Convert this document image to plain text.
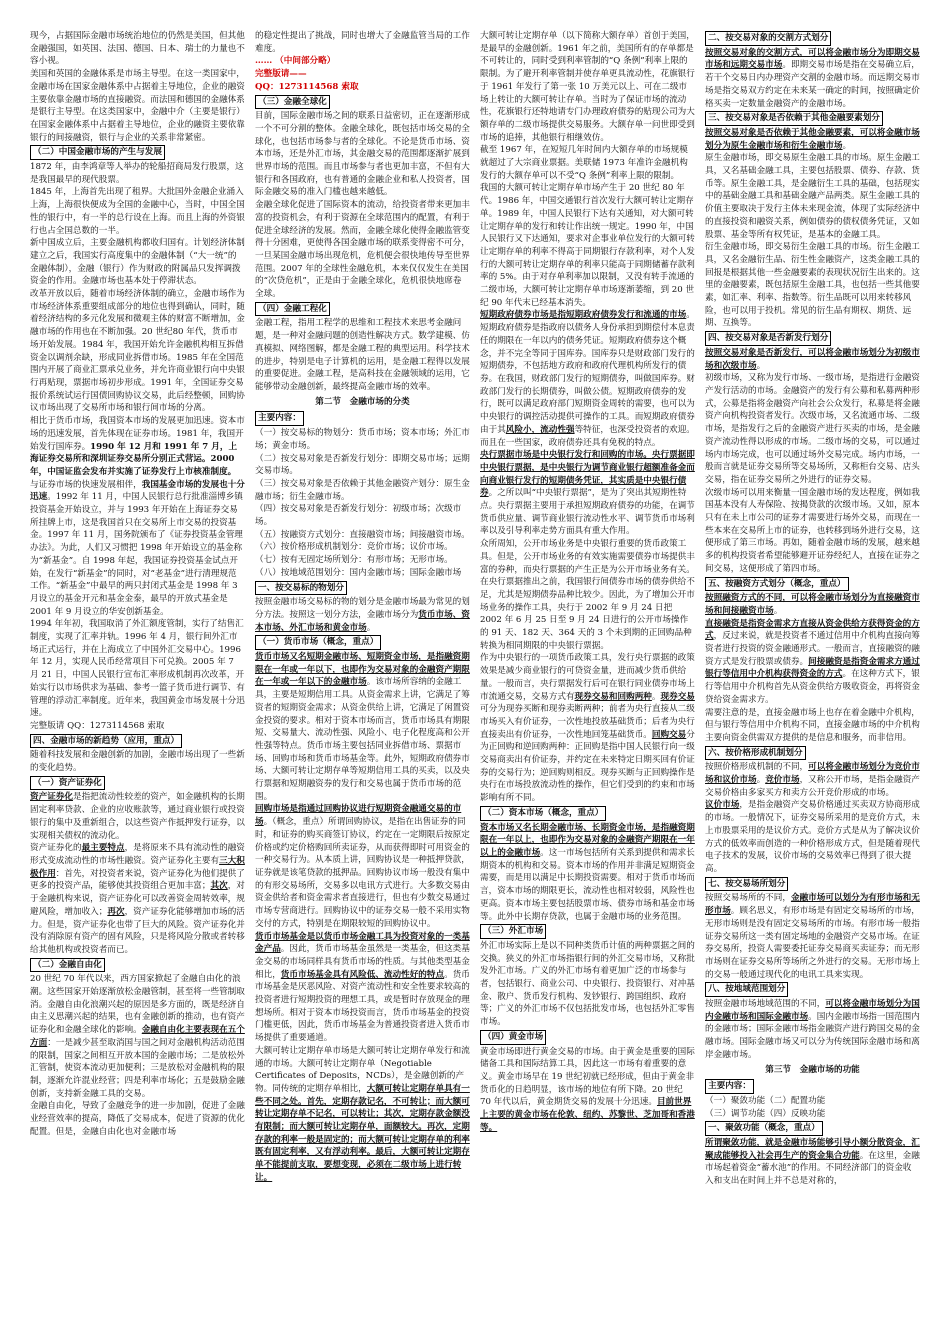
现今，占据国际金融市场统治地位的仍然是美国，但其他金融强国，如英国、法国、德国、日本、瑞士的力量也不容小视。

美国和英国的金融体系是市场主导型。在这一类国家中，金融市场在国家金融体系中占据着主导地位，企业的融资主要依靠金融市场的直接融资。而法国和德国的金融体系是银行主导型。在这类国家中，金融中介（主要是银行）在国家金融体系中占据着主导地位，企业的融资主要依靠银行的间接融资，银行与企业的关系非常紧密。

（二）中国金融市场的产生与发展

1872 年，由李鸿章等人举办的轮船招商局发行股票，这是我国最早的现代股票。

1845 年，上海首先出现了租界。大批国外金融企业涌入上海，上海很快便成为全国的金融中心，当时，中国全国性的银行中，有一半的总行设在上海。而且上海的外资银行也占全国总数的一半。

新中国成立后，主要金融机构都收归国有。计划经济体制建立之后，我国实行高度集中的金融体制（“大一统”的金融体制），金融（银行）作为财政的附属品只发挥调拨资金的作用。金融市场也基本处于停滞状态。

改革开放以后，随着市场经济体制的确立，金融市场作为市场经济体系重要组成部分的地位也得到确认，同时，随着经济结构的多元化发展和微观主体的财富不断增加，金融市场的作用也在不断加强。20 世纪80 年代，货币市场开始发展。1984 年，我国开始允许金融机构相互拆借资金以调剂余缺，形成同业拆借市场。1985 年在全国范围内开展了商业汇票承兑业务，并允许商业银行向中央银行再贴现，票据市场初步形成。1991 年，全国证券交易报价系统试运行国债回购协议交易，此后经整顿，回购协议市场出现了交易所市场和银行间市场的分离。

相比于货币市场，我国资本市场的发展更加迅速。资本市场的迅速发展，首先体现在证券市场。1981 年，我国开始发行国库券。1990 年 12 月和 1991 年 7 月，上海证券交易所和深圳证券交易所分别正式营运。2000 年，中国证监会发布并实施了证券发行上市核准制度。

与证券市场的快速发展相伴，我国基金市场的发展也十分迅速。1992 年 11 月，中国人民银行总行批准淄博乡镇投资基金开始设立，并与 1993 年开始在上海证券交易所挂牌上市，这是我国首只在交易所上市交易的投资基金。1997 年 11 月，国务院颁布了《证券投资基金管理办法》。为此，人们又习惯把 1998 年开始设立的基金称为“新基金”。自 1998 年起，我国证券投资基金试点开始，在发行“新基金”的同时，对“老基金”进行清理规范工作。“新基金”中最早的两只封闭式基金是 1998 年 3 月设立的基金开元和基金金泰，最早的开放式基金是 2001 年 9 月设立的华安创新基金。

1994 年年初，我国取消了外汇额度管制，实行了结售汇制度，实现了汇率并轨。1996 年 4 月，银行间外汇市场正式运行，并在上海成立了中国外汇交易中心。1996 年 12 月，实现人民币经常项目下可兑换。2005 年 7 月 21 日，中国人民银行宣布汇率形成机制再次改革，开始实行以市场供求为基础、参考一篮子货币进行调节、有管理的浮动汇率制度。近年来，我国黄金市场发展十分迅速。

完整版请 QQ：1273114568 索取

四、金融市场的新趋势（应用，重点）

随着科技发展和金融创新的加剧，金融市场出现了一些新的变化趋势。

（一）资产证券化

资产证券化是指把流动性较差的资产，如金融机构的长期固定利率贷款、企业的应收账款等，通过商业银行或投资银行的集中及重新组合，以这些资产作抵押发行证券，以实现相关债权的流动化。

资产证券化的最主要特点，是将原来不具有流动性的融资形式变成流动性的市场性融资。资产证券化主要有三大积极作用：首先，对投资者来说，资产证券化为他们提供了更多的投资产品，能够使其投资组合更加丰富；其次，对于金融机构来说，资产证券化可以改善资金周转效率，规避风险，增加收入；再次，资产证券化能够增加市场的活力。但是，资产证券化也带了巨大的风险。资产证券化并没有消除原有资产的固有风险，只是将风险分散或者转移给其他机构或投资者而已。

（二）金融自由化

20 世纪 70 年代以来，西方国家掀起了金融自由化的浪潮。这些国家开始逐渐放松金融管制，甚至将一些管制取消。金融自由化浪潮兴起的原因是多方面的，既是经济自由主义思潮兴起的结果，也有金融创新的推动，也有资产证券化和金融全球化的影响。金融自由化主要表现在五个方面：一是减少甚至取消国与国之间对金融机构活动范围的限制，国家之间相互开放本国的金融市场；二是放松外汇管制，使资本流动更加便利；三是放松对金融机构的限制，逐渐允许混业经营；四是利率市场化；五是鼓励金融创新，支持新金融工具的交易。

金融自由化，导致了金融竞争的进一步加剧，促进了金融业经营效率的提高，降低了交易成本，促进了资源的优化配置。但是，金融自由化也对金融市场

的稳定性提出了挑战，同时也增大了金融监管当局的工作难度。

…… （中间部分略）

完整版请——

QQ：1273114568 索取

（三）金融全球化

目前，国际金融市场之间的联系日益密切，正在逐渐形成一个不可分割的整体。金融全球化，既包括市场交易的全球化，也包括市场参与者的全球化。不论是货币市场、资本市场，还是外汇市场，其金融交易的范围都逐渐扩展到世界市场的范围。而且市场参与者也更加丰富，不但有大银行和各国政府，也有普通的金融企业和私人投资者，国际金融交易的准入门槛也越来越低。

金融全球化促进了国际资本的流动，给投资者带来更加丰富的投资机会，有利于资源在全球范围内的配置，有利于促进全球经济的发展。然而，金融全球化使得金融监管变得十分困难，更使得各国金融市场的联系变得密不可分，一旦某国金融市场出现危机，危机便会很快地传导至世界范围。2007 年的全球性金融危机，本来仅仅发生在美国的“次贷危机”，正是由于金融全球化，危机很快地席卷全球。

（四）金融工程化

金融工程，指用工程学的思维和工程技术来思考金融问题，是一种对金融问题的创造性解决方式。数学建模、仿真模拟、网络图解，都是金融工程的典型运用。科学技术的进步，特别是电子计算机的运用，是金融工程得以发展的重要促进。金融工程，是高科技在金融领域的运用，它能够带动金融创新，最终提高金融市场的效率。

第二节　金融市场的分类
主要内容：

（一）按交易标的物划分：货币市场；资本市场；外汇市场；黄金市场。

（二）按交易对象是否新发行划分：即期交易市场；远期交易市场。

（三）按交易对象是否依赖于其他金融资产划分：原生金融市场；衍生金融市场。

（四）按交易对象是否新发行划分：初级市场；次级市场。

（五）按融资方式划分：直接融资市场；间接融资市场。

（六）按价格形成机制划分：竞价市场；议价市场。

（七）按有无固定场所划分：有形市场；无形市场。

（八）按地域范围划分：国内金融市场；国际金融市场

一、按交易标的物划分

按照金融市场交易标的物的划分是金融市场最为常见的划分方法。按照这一划分方法，金融市场分为货币市场、资本市场、外汇市场和黄金市场。

（一）货币市场（概念，重点）

货币市场又名短期金融市场、短期资金市场，是指融资期限在一年或一年以下，也即作为交易对象的金融资产期限在一年或一年以下的金融市场。该市场所容纳的金融工具，主要是短期信用工具。从资金需求上讲，它满足了筹资者的短期资金需求；从资金供给上讲，它满足了闲置资金投资的要求。相对于资本市场而言，货币市场具有期限短、交易量大、流动性强、风险小、电子化程度高和公开性强等特点。货币市场主要包括同业拆借市场、票据市场、回购市场和货币市场基金等。此外，短期政府债券市场、大额可转让定期存单等短期信用工具的买卖，以及央行票据和短期融资券的发行和交易也属于货币市场的范围。

回购市场是指通过回购协议进行短期资金融通交易的市场。（概念，重点）所谓回购协议，是指在出售证券的同时，和证券的购买商签订协议，约定在一定期限后按原定价格或约定价格购回所卖证券，从而获得即时可用资金的一种交易行为。从本质上讲，回购协议是一种抵押贷款，证券就是该笔贷款的抵押品。回购协议市场一般没有集中的有形交易场所，交易多以电讯方式进行。大多数交易由资金供给者和资金需求者直接进行，但也有少数交易通过市场专营商进行。回购协议中的证券交易一般不采用实物交付的方式，特别是在期限较短的回购协议中。

货币市场基金是以货币市场金融工具为投资对象的一类基金产品。因此，货币市场基金虽然是一类基金，但这类基金交易的市场同样具有货币市场的性质。与其他类型基金相比，货币市场基金具有风险低、流动性好的特点。货币市场基金是厌恶风险、对资产流动性和安全性要求较高的投资者进行短期投资的理想工具，或是暂时存放现金的理想场所。相对于资本市场投资而言，货币市场基金的投资门槛更低，因此，货币市场基金为普通投资者进入货币市场提供了重要通道。

大额可转让定期存单市场是大额可转让定期存单发行和流通的市场。大额可转让定期存单（Negotiable Certificates of Deposits，NCDs），是金融创新的产物。同传统的定期存单相比，大额可转让定期存单具有一些不同之处。首先，定期存款记名，不可转让；而大额可转让定期存单不记名，可以转让；其次，定期存款金额没有限制；而大额可转让定期存单，面额较大。再次，定期存款的利率一般是固定的；而大额可转让定期存单的利率既有固定利率，又有浮动利率。最后，大额可转让定期存单不能提前支取，要想变现，必须在二级市场上进行转让。

大额可转让定期存单（以下简称大额存单）首创于美国，是最早的金融创新。1961 年之前，美国所有的存单都是不可转让的，同时受到利率管制的“Q 条例”利率上限的限制。为了避开利率管制并使存单更具流动性，花旗银行于 1961 年发行了第一张 10 万美元以上、可在二级市场上转让的大额可转让存单。当时为了保证市场的流动性，花旗银行还特地请专门办理政府债券的贴现公司为大额存单的二级市场提供交易服务。大额存单一问世即受到市场的追捧，其他银行相继效仿。

截至 1967 年，在短短几年时间内大额存单的市场规模就超过了大宗商业票据。美联储 1973 年准许金融机构发行的大额存单可以不受“Q 条例”利率上限的限制。

我国的大额可转让定期存单市场产生于 20 世纪 80 年代。1986 年，中国交通银行首次发行大额可转让定期存单。1989 年，中国人民银行下达有关通知，对大额可转让定期存单的发行和转让作出统一规定。1990 年，中国人民银行又下达通知，要求对企事业单位发行的大额可转让定期存单的利率不得高于同期银行存款利率，对个人发行的大额可转让定期存单的利率只能高于同期储蓄存款利率的 5%。由于对存单利率加以限制，又没有转手流通的二级市场，大额可转让定期存单市场逐渐萎缩，到 20 世纪 90 年代末已经基本消失。

短期政府债券市场是指短期政府债券发行和流通的市场。短期政府债券是指政府以债务人身份承担到期偿付本息责任的期限在一年以内的债务凭证。短期政府债券这个概念，并不完全等同于国库券。国库券只是财政部门发行的短期债券，不包括地方政府和政府代理机构所发行的债券。在我国，财政部门发行的短期债券，叫做国库券。财政部门发行的长期债券，叫做公债。短期政府债券的发行，既可以满足政府部门短期资金周转的需要，也可以为中央银行的调控活动提供可操作的工具。而短期政府债券由于其风险小，流动性强等特征，也深受投资者的欢迎。而且在一些国家，政府债券还具有免税的特点。

央行票据市场是中央银行发行和回购的市场。央行票据即中央银行票据，是中央银行为调节商业银行超额准备金而向商业银行发行的短期债务凭证，其实质是中央银行债券。之所以叫“中央银行票据”，是为了突出其短期性特点。央行票据主要用于承担短期政府债券的功能，在调节货币供应量、调节商业银行流动性水平、调节货币市场利率以及引导利率走势方面具有重大作用。

众所周知，公开市场业务是中央银行重要的货币政策工具。但是，公开市场业务的有效实施需要债券市场提供丰富的券种，而央行票据的产生正是为公开市场业务有关。在央行票据推出之前，我国银行间债券市场的债券供给不足，尤其是短期债券品种比较少。因此，为了增加公开市场业务的操作工具，央行于 2002 年 9 月 24 日把 2002 年 6 月 25 日至 9 月 24 日进行的公开市场操作的 91 天、182 天、364 天的 3 个未到期的正回购品种转换为相同期限的中央银行票据。

作为中央银行的一项货币政策工具，发行央行票据的政策效果是减少商业银行的可贷资金量，进而减少货币供给量。一般而言，央行票据发行后可在银行同业债券市场上市流通交易，交易方式有现券交易和回购两种。现券交易可分为现券买断和现券卖断两种；前者为央行直接从二级市场买入有价证券，一次性地投放基础货币；后者为央行直接卖出有价证券，一次性地回笼基础货币。回购交易分为正回购和逆回购两种：正回购是指中国人民银行向一级交易商卖出有价证券，并约定在未来特定日期买回有价证券的交易行为；逆回购则相反。现券买断与正回购操作是央行在市场投放流动性的操作，但它们受到的约束和市场影响有所不同。

（二）资本市场（概念，重点）

资本市场又名长期金融市场、长期资金市场，是指融资期限在一年以上，也即作为交易对象的金融资产期限在一年以上的金融市场。这一市场包括所有关系到提供和需求长期资本的机构和交易。资本市场的作用并非满足短期资金需要，而是用以满足中长期投资需要。相对于货币市场而言，资本市场的期限更长，流动性也相对较弱，风险性也更高。资本市场主要包括股票市场、债券市场和基金市场等。此外中长期存贷款，也属于金融市场的业务范围。

（三）外汇市场

外汇市场实际上是以不同种类货币计值的两种票据之间的交换。狭义的外汇市场指银行间的外汇交易市场，又称批发外汇市场。广义的外汇市场有着更加广泛的市场参与者，包括银行、商业公司、中央银行、投资银行、对冲基金、散户、货币发行机构、发钞银行、跨国组织、政府等；广义的外汇市场不仅包括批发市场，也包括外汇零售市场。

（四）黄金市场

黄金市场即进行黄金交易的市场。由于黄金是重要的国际储备工具和国际结算工具，因此这一市场有着重要的意义。黄金市场早在 19 世纪初就已经形成，但由于黄金非货币化的日趋明显，该市场的地位有所下降。20 世纪 70 年代以后，黄金期货交易的发展十分迅速。目前世界上主要的黄金市场在伦敦、纽约、苏黎世、芝加哥和香港等。

二、按交易对象的交割方式划分

按照交易对象的交割方式，可以将金融市场分为即期交易市场和远期交易市场。即期交易市场是指在交易确立后，若干个交易日内办理资产交割的金融市场。而远期交易市场是指交易双方约定在未来某一确定的时间，按照确定价格买卖一定数量金融资产的金融市场。

三、按交易对象是否依赖于其他金融要素划分

按照交易对象是否依赖于其他金融要素，可以将金融市场划分为原生金融市场和衍生金融市场。

原生金融市场，即交易原生金融工具的市场。原生金融工具，又名基础金融工具，主要包括股票、债券、存款、货币等。原生金融工具，是金融衍生工具的基础，包括现实中的基础金融工具和基础金融产品两类。原生金融工具的价值主要取决于发行主体未来现金流，体现了实际经济中的直接投资和融资关系，例如债券的债权债务凭证，又如股票、基金等所有权凭证，是基本的金融工具。

衍生金融市场，即交易衍生金融工具的市场。衍生金融工具，又名金融衍生品、衍生性金融资产，这类金融工具的回报是根据其他一些金融要素的表现状况衍生出来的。这里的金融要素，既包括原生金融工具，也包括一些其他要素，如汇率、利率、指数等。衍生品既可以用来转移风险，也可以用于投机。常见的衍生品有期权、期货、远期、互换等。

四、按交易对象是否新发行划分

按照交易对象是否新发行，可以将金融市场划分为初级市场和次级市场。

初级市场，又称为发行市场、一级市场，是指进行金融资产发行活动的市场。金融资产的发行有公募和私募两种形式，公募是指将金融资产向社会公众发行，私募是将金融资产向机构投资者发行。次级市场，又名流通市场、二级市场，是指发行之后的金融资产进行买卖的市场，是金融资产流动性得以形成的市场。二级市场的交易，可以通过场内市场完成，也可以通过场外交易完成。场内市场，一般而言就是证券交易所等交易场所，又称柜台交易、店头交易，指在证券交易所之外进行的证券交易。

次级市场可以用来衡量一国金融市场的发达程度，例如我国基本没有人寿保险、按揭贷款的次级市场。又如，原本只有在未上市公司的证券才需要进行场外交易，而现在一些本来在交易所上市的证券，也转移到场外进行交易，这便形成了第三市场。再如，随着金融市场的发展，越来越多的机构投资者希望能够避开证券经纪人，直接在证券之间交易，这便形成了第四市场。

五、按融资方式划分（概念，重点）

按照融资方式的不同，可以将金融市场划分为直接融资市场和间接融资市场。

直接融资是指资金需求方直接从资金供给方获得资金的方式，反过来说，就是投资者不通过信用中介机构直接向筹资者进行投资的资金融通形式。一般而言，直接融资的融资方式是发行股票或债券。间接融资是指资金需求方通过银行等信用中介机构获得资金的方式。在这种方式下，银行等信用中介机构首先从资金供给方吸收资金，再将资金贷给资金需求方。

需要注意的是，直接金融市场上也存在着金融中介机构，但与银行等信用中介机构不同，直接金融市场的中介机构主要向资金供需双方提供的是信息和服务，而非信用。

六、按价格形成机制划分

按照价格形成机制的不同，可以将金融市场划分为竞价市场和议价市场。竞价市场，又称公开市场，是指金融资产交易价格由多家买方和卖方公开竞价形成的市场。

议价市场，是指金融资产交易价格通过买卖双方协商形成的市场。一般情况下，证券交易所采用的是竞价方式，未上市股票采用的是议价方式。竞价方式是从为了解决议价方式的低效率而创造的一种价格形成方式，但是随着现代电子技术的发展，议价市场的交易效率已得到了很大提高。

七、按交易场所划分

按照交易场所的不同，金融市场可以划分为有形市场和无形市场。顾名思义，有形市场是有固定交易场所的市场，无形市场则是没有固定交易场所的市场。有形市场一般指证券交易所这一类有固定场地的金融资产交易市场。在证券交易所，投资人需要委托证券交易商买卖证券；而无形市场则在证券交易所等场所之外进行的交易。无形市场上的交易一般通过现代化的电讯工具来实现。

八、按地域范围划分

按照金融市场地域范围的不同，可以将金融市场划分为国内金融市场和国际金融市场。国内金融市场指一国范围内的金融市场；国际金融市场指金融资产进行跨国交易的金融市场。国际金融市场又可以分为传统国际金融市场和离岸金融市场。

第三节　金融市场的功能
主要内容：

（一）聚敛功能（二）配置功能

（三）调节功能（四）反映功能

一、聚敛功能（概念，重点）

所谓聚敛功能，就是金融市场能够引导小额分散资金，汇聚成能够投入社会再生产的资金集合功能。在这里，金融市场起着资金“蓄水池”的作用。不同经济部门的资金收入和支出在时间上并不总是对称的，
